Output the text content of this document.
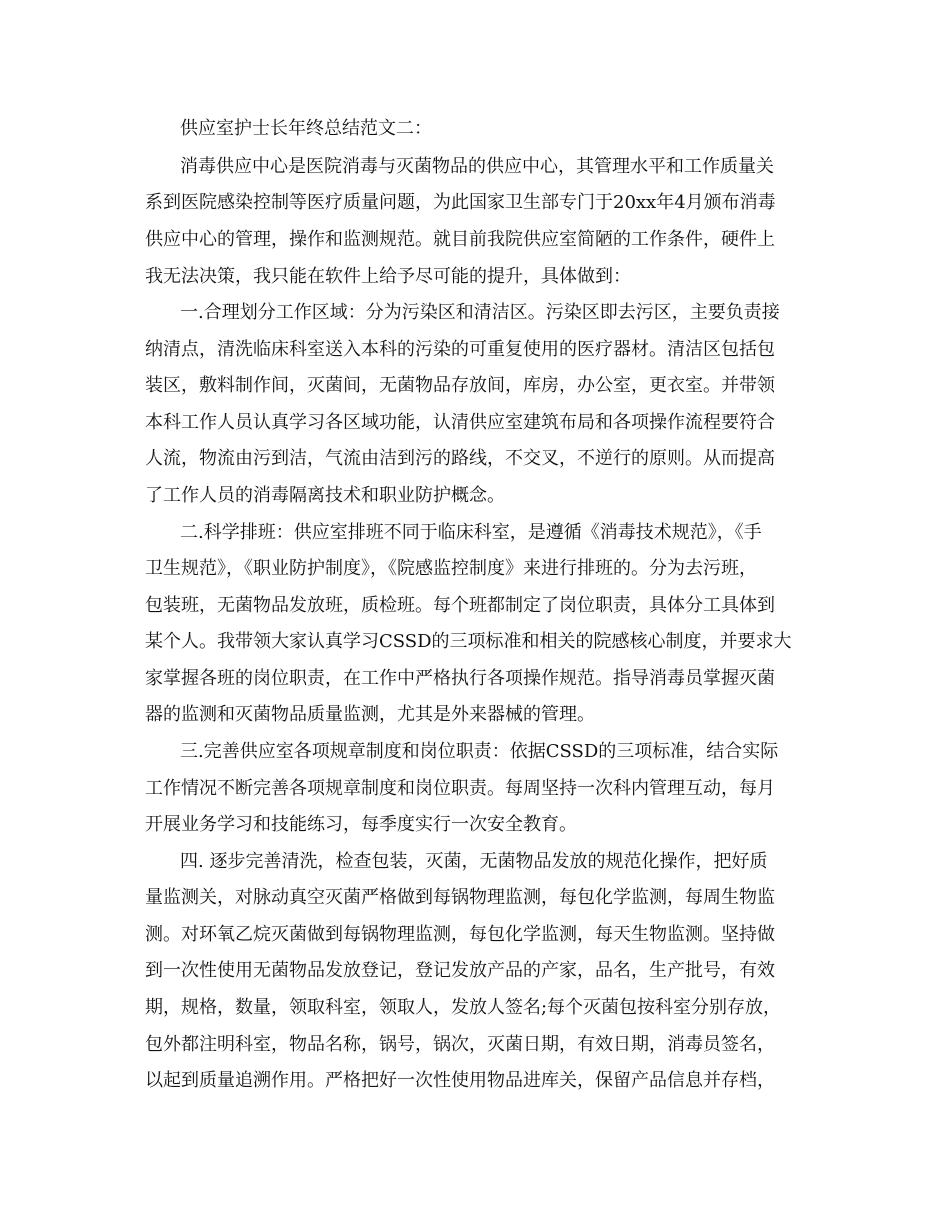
供应室护士长年终总结范文二：
消毒供应中心是医院消毒与灭菌物品的供应中心，其管理水平和工作质量关
系到医院感染控制等医疗质量问题，为此国家卫生部专门于20xx年4月颁布消毒
供应中心的管理，操作和监测规范。就目前我院供应室简陋的工作条件，硬件上
我无法决策，我只能在软件上给予尽可能的提升，具体做到：
一.合理划分工作区域：分为污染区和清洁区。污染区即去污区，主要负责接
纳清点，清洗临床科室送入本科的污染的可重复使用的医疗器材。清洁区包括包
装区，敷料制作间，灭菌间，无菌物品存放间，库房，办公室，更衣室。并带领
本科工作人员认真学习各区域功能，认清供应室建筑布局和各项操作流程要符合
人流，物流由污到洁，气流由洁到污的路线，不交叉，不逆行的原则。从而提高
了工作人员的消毒隔离技术和职业防护概念。
二.科学排班：供应室排班不同于临床科室，是遵循《消毒技术规范》，《手
卫生规范》，《职业防护制度》，《院感监控制度》来进行排班的。分为去污班，
包装班，无菌物品发放班，质检班。每个班都制定了岗位职责，具体分工具体到
某个人。我带领大家认真学习CSSD的三项标准和相关的院感核心制度，并要求大
家掌握各班的岗位职责，在工作中严格执行各项操作规范。指导消毒员掌握灭菌
器的监测和灭菌物品质量监测，尤其是外来器械的管理。
三.完善供应室各项规章制度和岗位职责：依据CSSD的三项标准，结合实际
工作情况不断完善各项规章制度和岗位职责。每周坚持一次科内管理互动，每月
开展业务学习和技能练习，每季度实行一次安全教育。
四. 逐步完善清洗，检查包装，灭菌，无菌物品发放的规范化操作，把好质
量监测关，对脉动真空灭菌严格做到每锅物理监测，每包化学监测，每周生物监
测。对环氧乙烷灭菌做到每锅物理监测，每包化学监测，每天生物监测。坚持做
到一次性使用无菌物品发放登记，登记发放产品的产家，品名，生产批号，有效
期，规格，数量，领取科室，领取人，发放人签名;每个灭菌包按科室分别存放，
包外都注明科室，物品名称，锅号，锅次，灭菌日期，有效日期，消毒员签名，
以起到质量追溯作用。严格把好一次性使用物品进库关，保留产品信息并存档，
